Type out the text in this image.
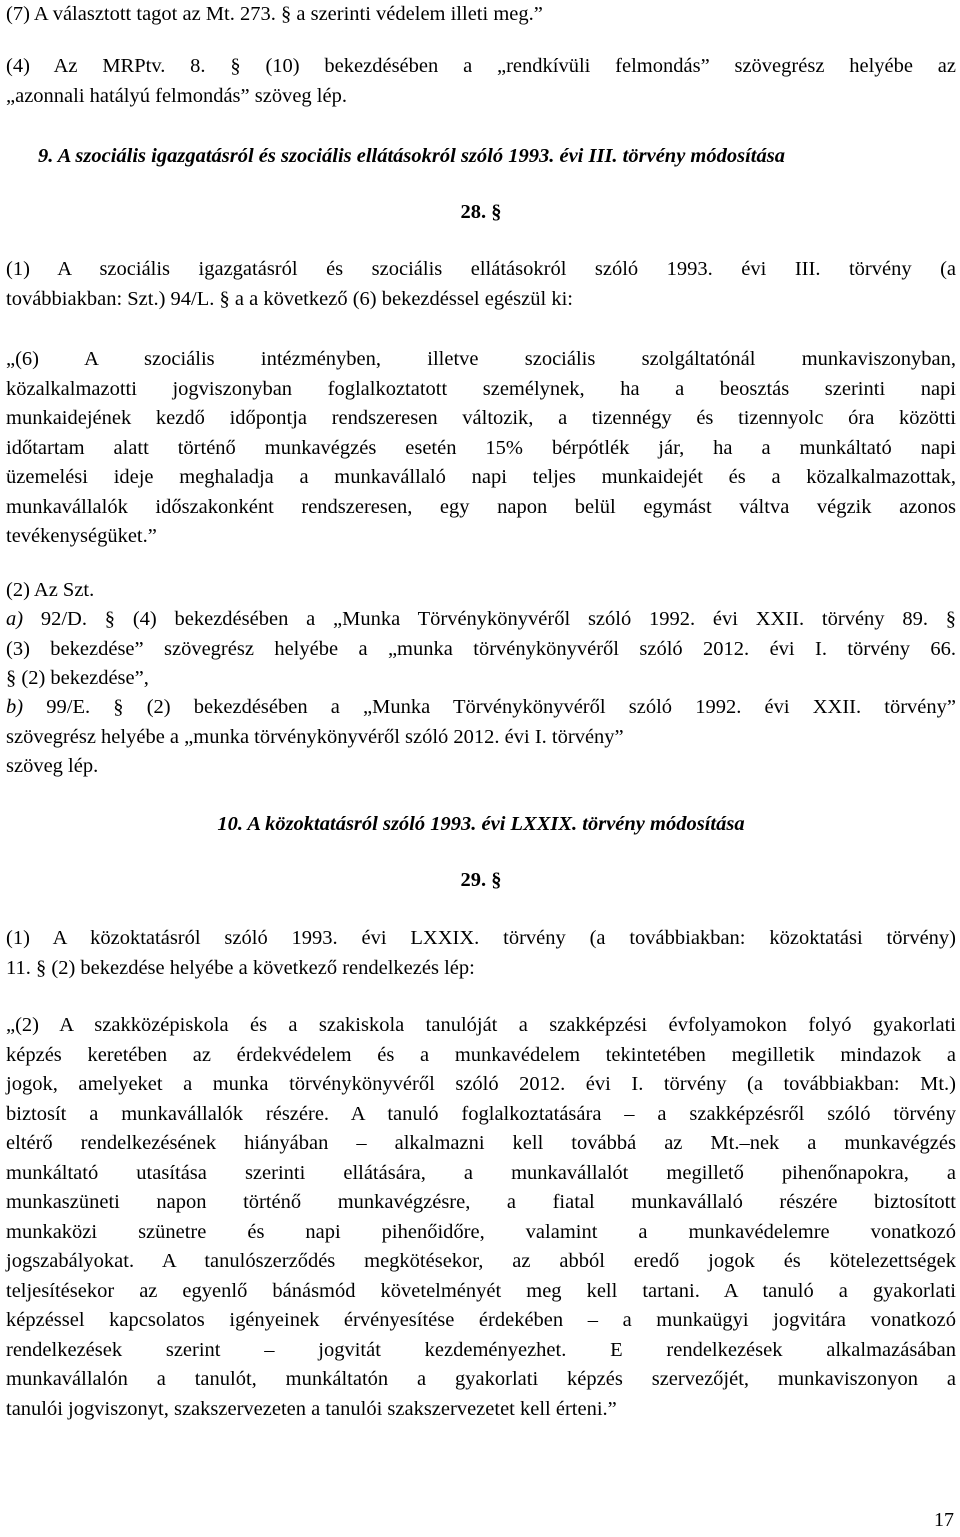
(7) A választott tagot az Mt. 273. § a szerinti védelem illeti meg.”
(4) Az MRPtv. 8. § (10) bekezdésében a „rendkívüli felmondás” szövegrész helyébe az
„azonnali hatályú felmondás” szöveg lép.
9. A szociális igazgatásról és szociális ellátásokról szóló 1993. évi III. törvény módosítása
28. §
(1) A szociális igazgatásról és szociális ellátásokról szóló 1993. évi III. törvény (a
továbbiakban: Szt.) 94/L. § a a következő (6) bekezdéssel egészül ki:
„(6) A szociális intézményben, illetve szociális szolgáltatónál munkaviszonyban,
közalkalmazotti jogviszonyban foglalkoztatott személynek, ha a beosztás szerinti napi
munkaidejének kezdő időpontja rendszeresen változik, a tizennégy és tizennyolc óra közötti
időtartam alatt történő munkavégzés esetén 15% bérpótlék jár, ha a munkáltató napi
üzemelési ideje meghaladja a munkavállaló napi teljes munkaidejét és a közalkalmazottak,
munkavállalók időszakonként rendszeresen, egy napon belül egymást váltva végzik azonos
tevékenységüket.”
(2) Az Szt.
a) 92/D. § (4) bekezdésében a „Munka Törvénykönyvéről szóló 1992. évi XXII. törvény 89. §
(3) bekezdése” szövegrész helyébe a „munka törvénykönyvéről szóló 2012. évi I. törvény 66.
§ (2) bekezdése”,
b) 99/E. § (2) bekezdésében a „Munka Törvénykönyvéről szóló 1992. évi XXII. törvény”
szövegrész helyébe a „munka törvénykönyvéről szóló 2012. évi I. törvény”
szöveg lép.
10. A közoktatásról szóló 1993. évi LXXIX. törvény módosítása
29. §
(1) A közoktatásról szóló 1993. évi LXXIX. törvény (a továbbiakban: közoktatási törvény)
11. § (2) bekezdése helyébe a következő rendelkezés lép:
„(2) A szakközépiskola és a szakiskola tanulóját a szakképzési évfolyamokon folyó gyakorlati
képzés keretében az érdekvédelem és a munkavédelem tekintetében megilletik mindazok a
jogok, amelyeket a munka törvénykönyvéről szóló 2012. évi I. törvény (a továbbiakban: Mt.)
biztosít a munkavállalók részére. A tanuló foglalkoztatására – a szakképzésről szóló törvény
eltérő rendelkezésének hiányában – alkalmazni kell továbbá az Mt.–nek a munkavégzés
munkáltató utasítása szerinti ellátására, a munkavállalót megillető pihenőnapokra, a
munkaszüneti napon történő munkavégzésre, a fiatal munkavállaló részére biztosított
munkaközi szünetre és napi pihenőidőre, valamint a munkavédelemre vonatkozó
jogszabályokat. A tanulószerződés megkötésekor, az abból eredő jogok és kötelezettségek
teljesítésekor az egyenlő bánásmód követelményét meg kell tartani. A tanuló a gyakorlati
képzéssel kapcsolatos igényeinek érvényesítése érdekében – a munkaügyi jogvitára vonatkozó
rendelkezések szerint – jogvitát kezdeményezhet. E rendelkezések alkalmazásában
munkavállalón a tanulót, munkáltatón a gyakorlati képzés szervezőjét, munkaviszonyon a
tanulói jogviszonyt, szakszervezeten a tanulói szakszervezetet kell érteni.”
17
